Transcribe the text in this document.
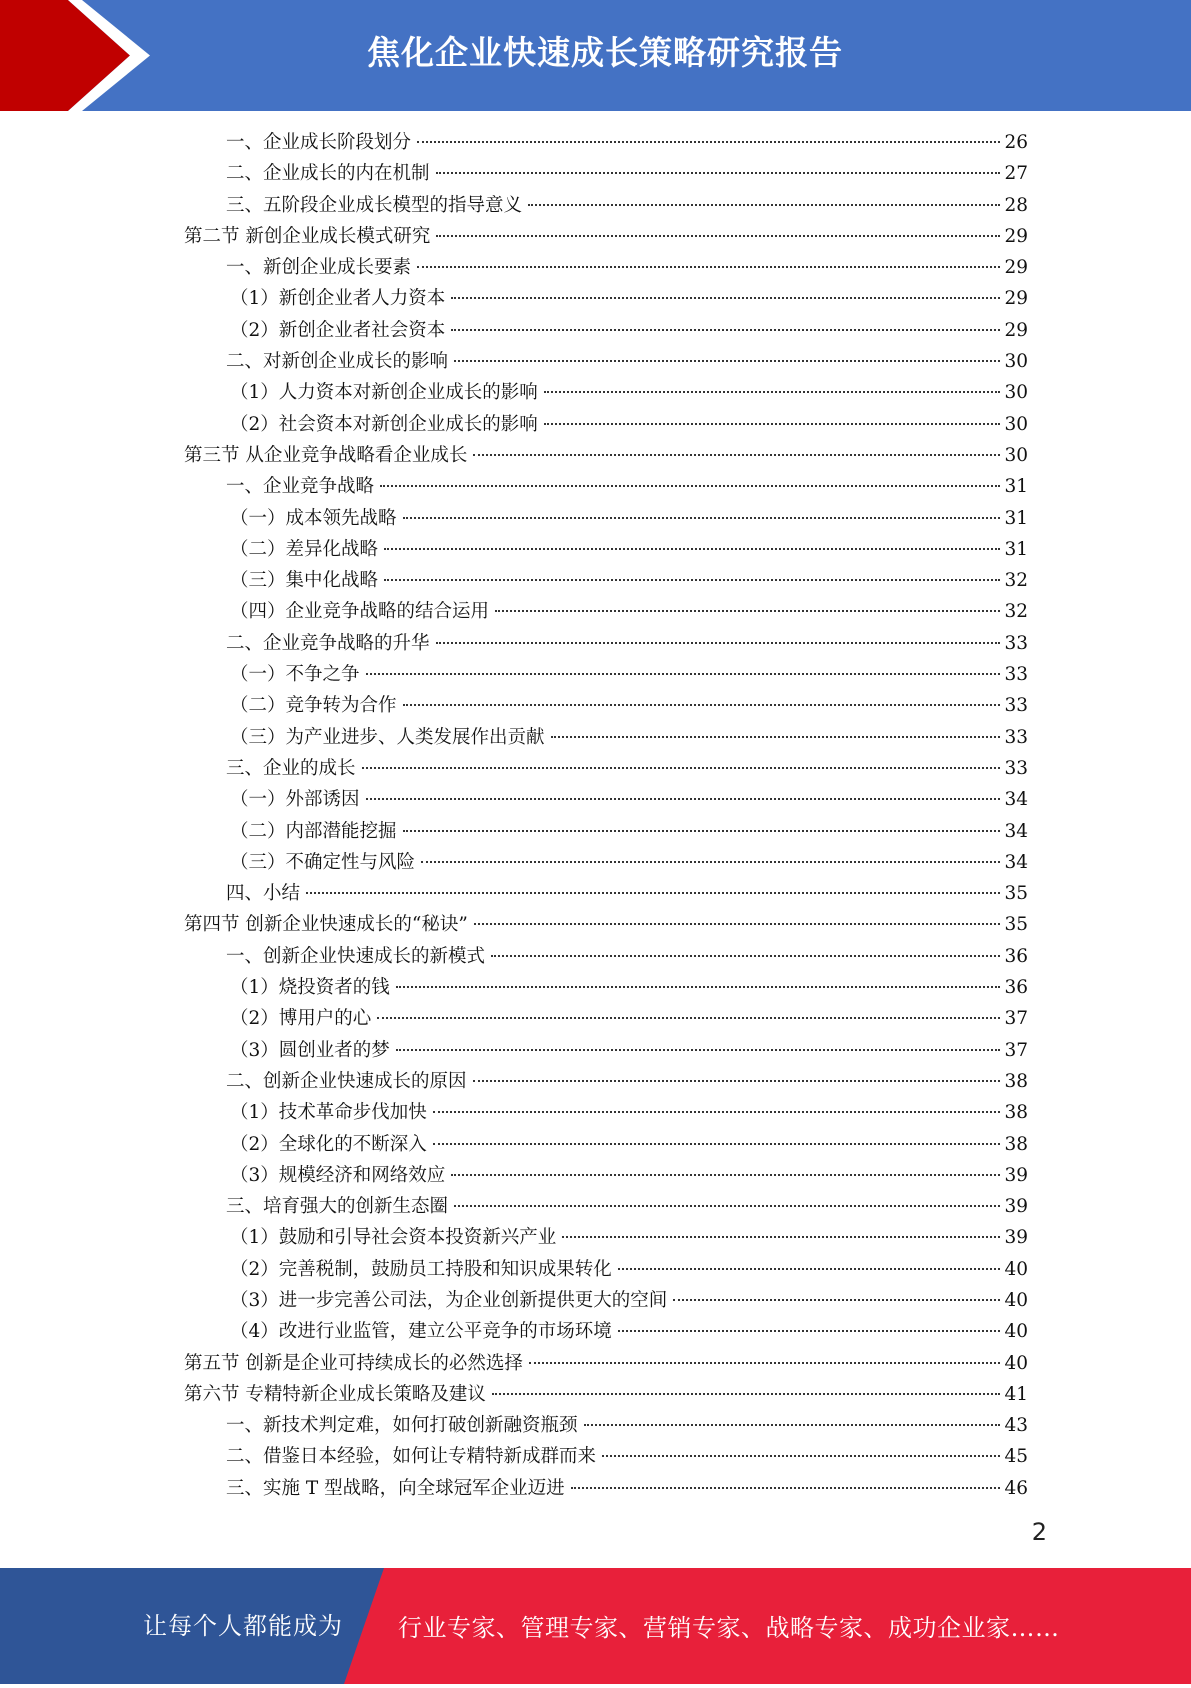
焦化企业快速成长策略研究报告
一、企业成长阶段划分	26
二、企业成长的内在机制	27
三、五阶段企业成长模型的指导意义	28
第二节 新创企业成长模式研究	29
一、新创企业成长要素	29
（1）新创企业者人力资本	29
（2）新创企业者社会资本	29
二、对新创企业成长的影响	30
（1）人力资本对新创企业成长的影响	30
（2）社会资本对新创企业成长的影响	30
第三节 从企业竞争战略看企业成长	30
一、企业竞争战略	31
（一）成本领先战略	31
（二）差异化战略	31
（三）集中化战略	32
（四）企业竞争战略的结合运用	32
二、企业竞争战略的升华	33
（一）不争之争	33
（二）竞争转为合作	33
（三）为产业进步、人类发展作出贡献	33
三、企业的成长	33
（一）外部诱因	34
（二）内部潜能挖掘	34
（三）不确定性与风险	34
四、小结	35
第四节 创新企业快速成长的“秘诀”	35
一、创新企业快速成长的新模式	36
（1）烧投资者的钱	36
（2）博用户的心	37
（3）圆创业者的梦	37
二、创新企业快速成长的原因	38
（1）技术革命步伐加快	38
（2）全球化的不断深入	38
（3）规模经济和网络效应	39
三、培育强大的创新生态圈	39
（1）鼓励和引导社会资本投资新兴产业	39
（2）完善税制，鼓励员工持股和知识成果转化	40
（3）进一步完善公司法，为企业创新提供更大的空间	40
（4）改进行业监管，建立公平竞争的市场环境	40
第五节 创新是企业可持续成长的必然选择	40
第六节 专精特新企业成长策略及建议	41
一、新技术判定难，如何打破创新融资瓶颈	43
二、借鉴日本经验，如何让专精特新成群而来	45
三、实施 T 型战略，向全球冠军企业迈进	46
2
让每个人都能成为 行业专家、管理专家、营销专家、战略专家、成功企业家……
